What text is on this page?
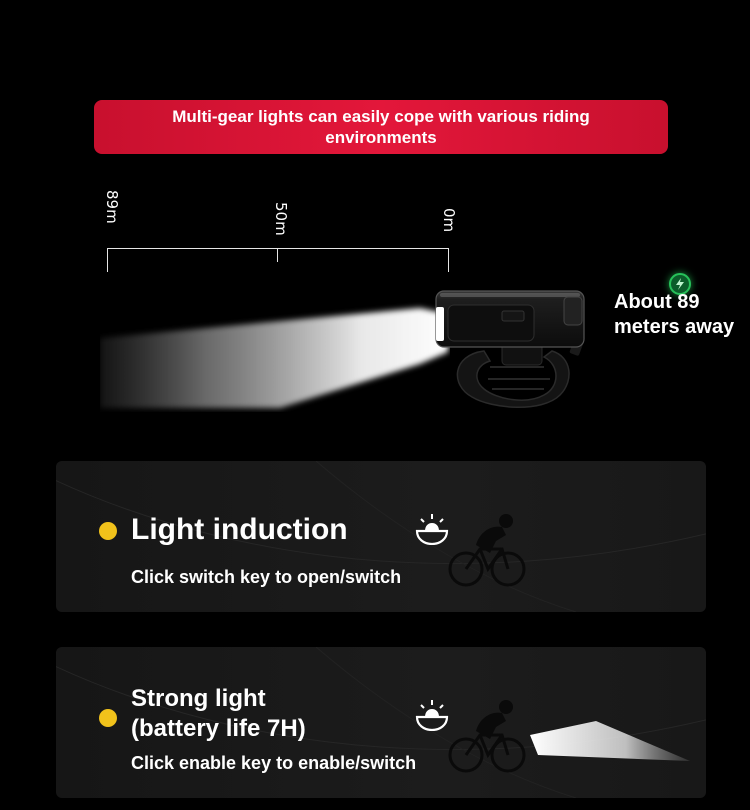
Multi-gear lights can easily cope with various riding environments
89m	50m	0m
About 89 meters away
Light induction
Click switch key to open/switch
Strong light
(battery life 7H)
Click enable key to enable/switch
